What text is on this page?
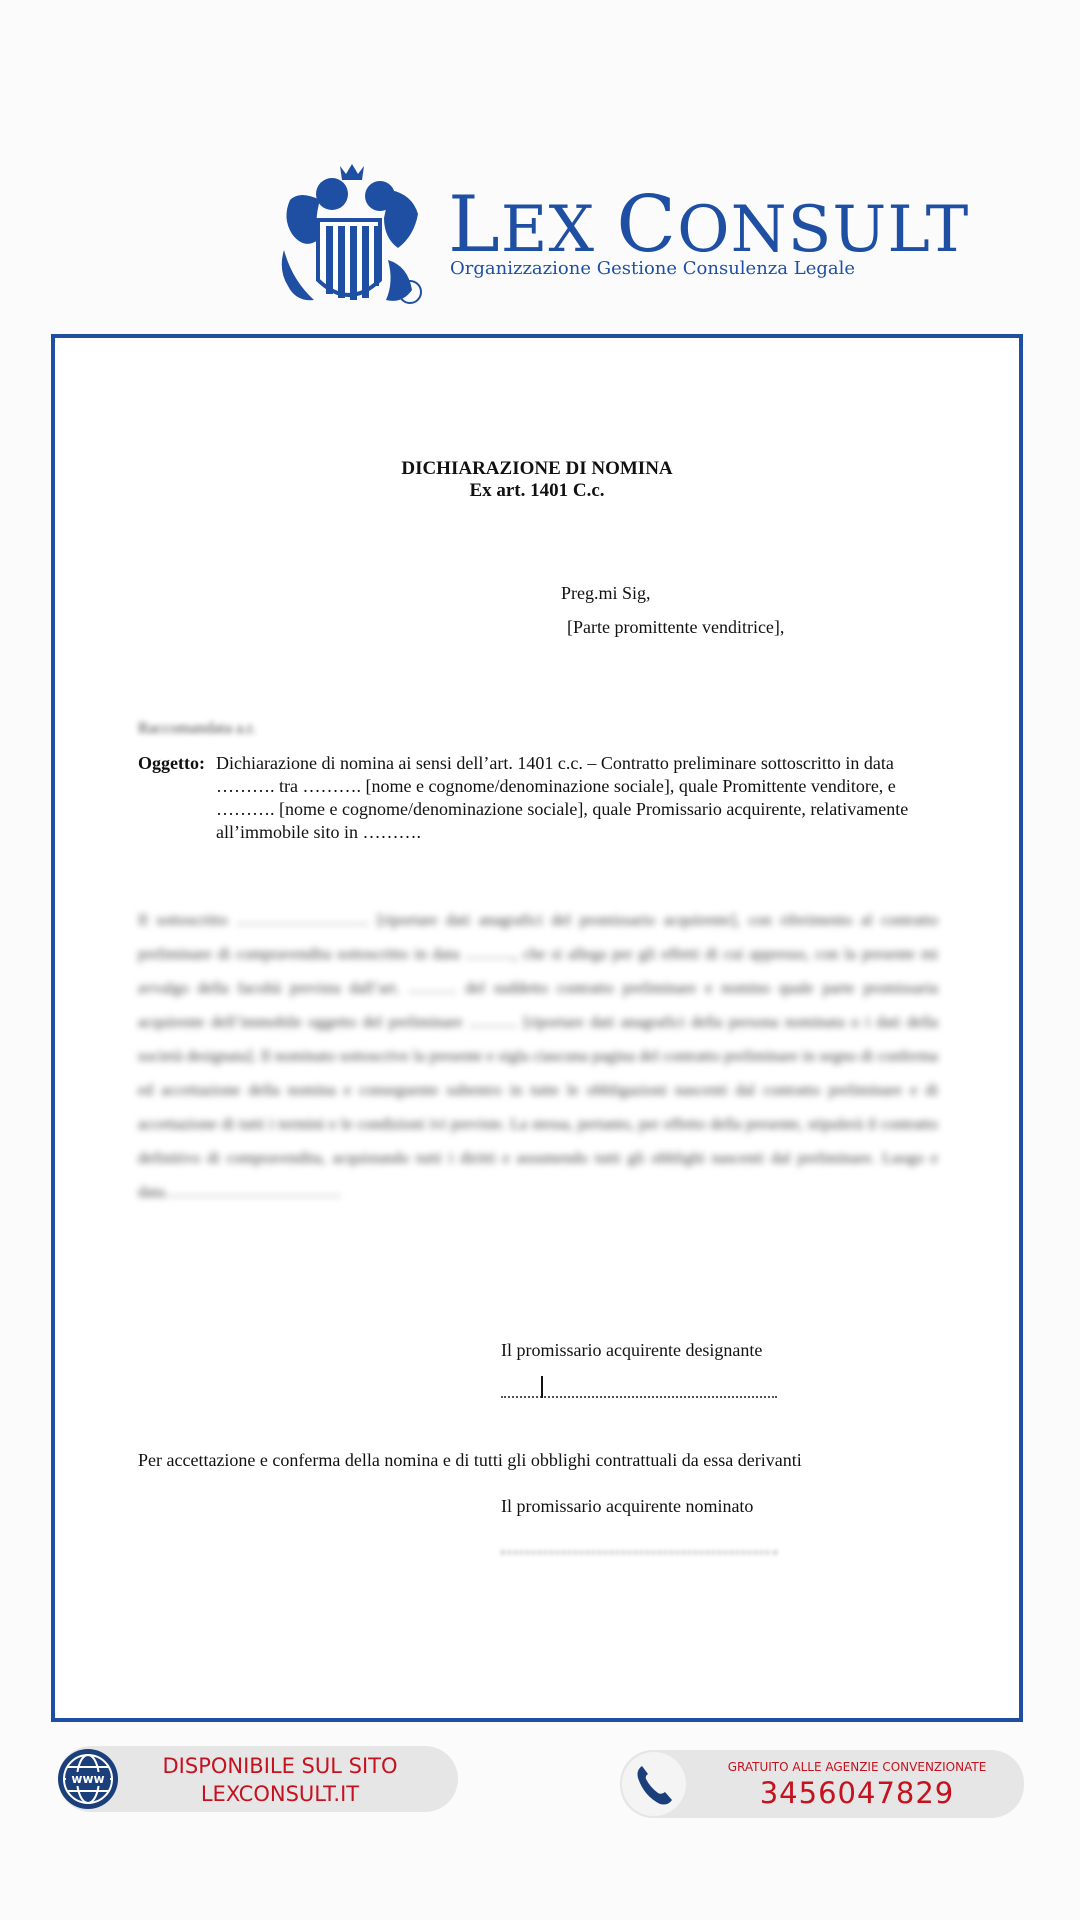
LEX CONSULT
Organizzazione Gestione Consulenza Legale
DICHIARAZIONE DI NOMINA
Ex art. 1401 C.c.
Preg.mi Sig,
[Parte promittente venditrice],
Raccomandata a.r.
Oggetto: Dichiarazione di nomina ai sensi dell’art. 1401 c.c. – Contratto preliminare sottoscritto in data ………. tra ………. [nome e cognome/denominazione sociale], quale Promittente venditore, e ………. [nome e cognome/denominazione sociale], quale Promissario acquirente, relativamente all’immobile sito in ……….
Il sottoscritto ……………………. [riportare dati anagrafici del promissario acquirente], con riferimento al contratto preliminare di compravendita sottoscritto in data ………, che si allega per gli effetti di cui appresso, con la presente mi avvalgo della facoltà prevista dall’art. ……… del suddetto contratto preliminare e nomino quale parte promissaria acquirente dell’immobile oggetto del preliminare ……… [riportare dati anagrafici della persona nominata o i dati della società designata]. Il nominato sottoscrive la presente e sigla ciascuna pagina del contratto preliminare in segno di conferma ed accettazione della nomina e conseguente subentro in tutte le obbligazioni nascenti dal contratto preliminare e di accettazione di tutti i termini e le condizioni ivi previste. La stessa, pertanto, per effetto della presente, stipulerà il contratto definitivo di compravendita, acquistando tutti i diritti e assumendo tutti gli obblighi nascenti dal preliminare. Luogo e data……………………………
Il promissario acquirente designante
Per accettazione e conferma della nomina e di tutti gli obblighi contrattuali da essa derivanti
Il promissario acquirente nominato
www
DISPONIBILE SUL SITO
LEXCONSULT.IT
GRATUITO ALLE AGENZIE CONVENZIONATE
3456047829
